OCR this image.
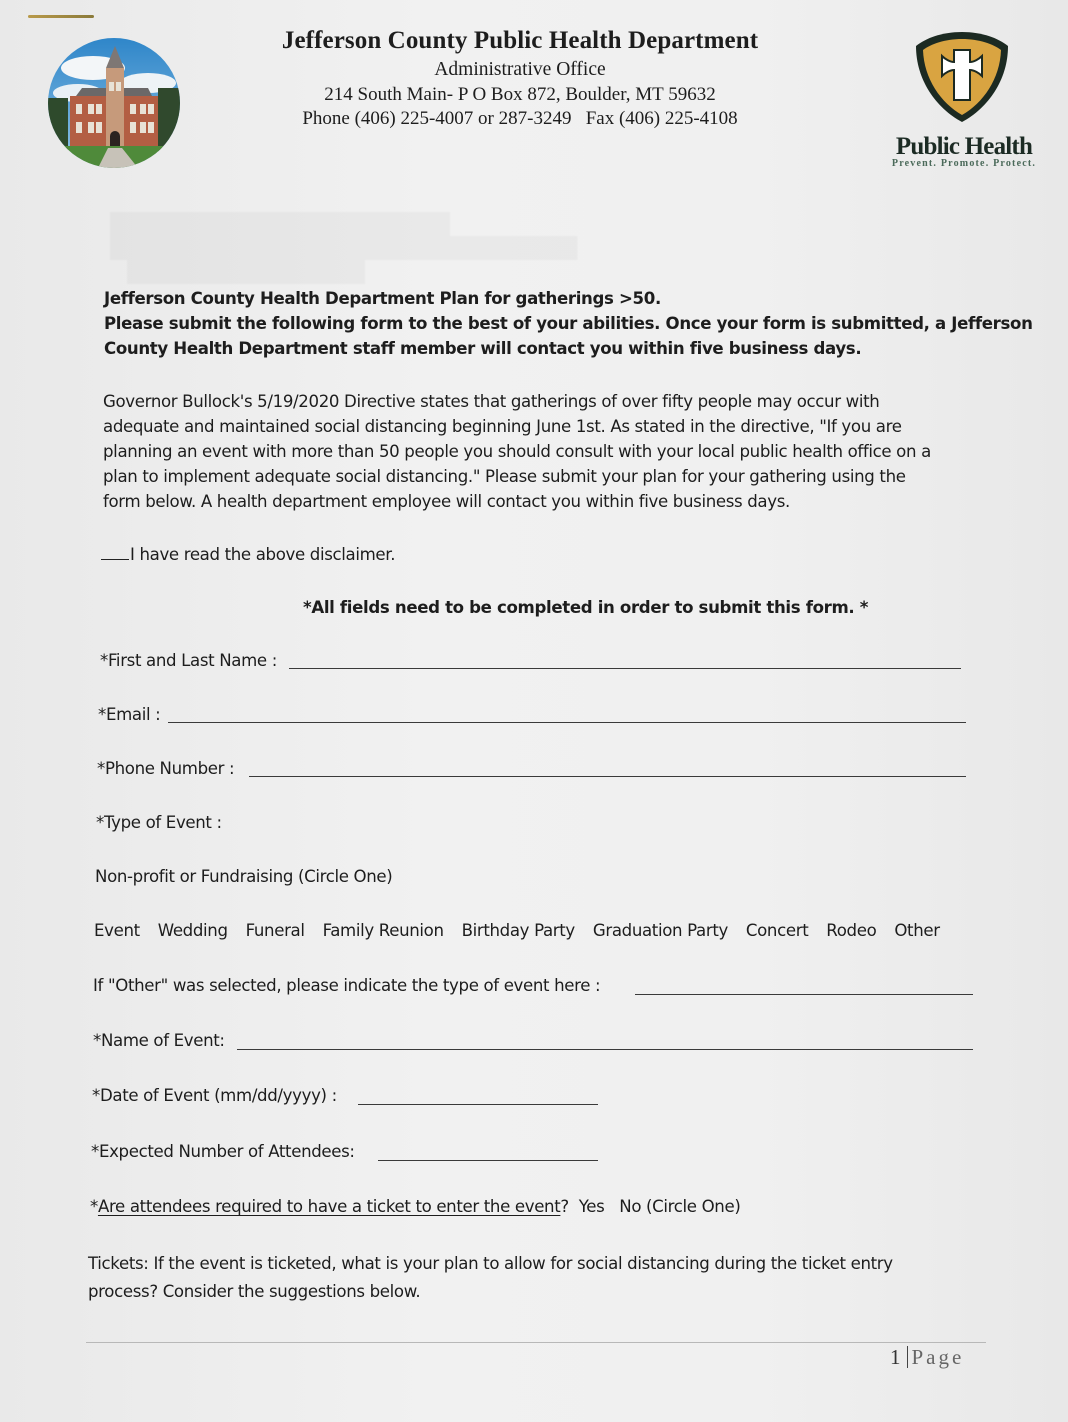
Jefferson County Public Health Department
Administrative Office
214 South Main- P O Box 872, Boulder, MT 59632
Phone (406) 225-4007 or 287-3249   Fax (406) 225-4108
Public Health
Prevent. Promote. Protect.
Jefferson County Health Department Plan for gatherings >50.
Please submit the following form to the best of your abilities. Once your form is submitted, a Jefferson
County Health Department staff member will contact you within five business days.
Governor Bullock's 5/19/2020 Directive states that gatherings of over fifty people may occur with
adequate and maintained social distancing beginning June 1st. As stated in the directive, "If you are
planning an event with more than 50 people you should consult with your local public health office on a
plan to implement adequate social distancing." Please submit your plan for your gathering using the
form below. A health department employee will contact you within five business days.
I have read the above disclaimer.
*All fields need to be completed in order to submit this form. *
*First and Last Name :
*Email :
*Phone Number :
*Type of Event :
Non-profit or Fundraising (Circle One)
Event Wedding Funeral Family Reunion Birthday Party Graduation Party Concert Rodeo Other
If "Other" was selected, please indicate the type of event here :
*Name of Event:
*Date of Event (mm/dd/yyyy) :
*Expected Number of Attendees:
*Are attendees required to have a ticket to enter the event? Yes No (Circle One)
Tickets: If the event is ticketed, what is your plan to allow for social distancing during the ticket entry
process? Consider the suggestions below.
1 Page
